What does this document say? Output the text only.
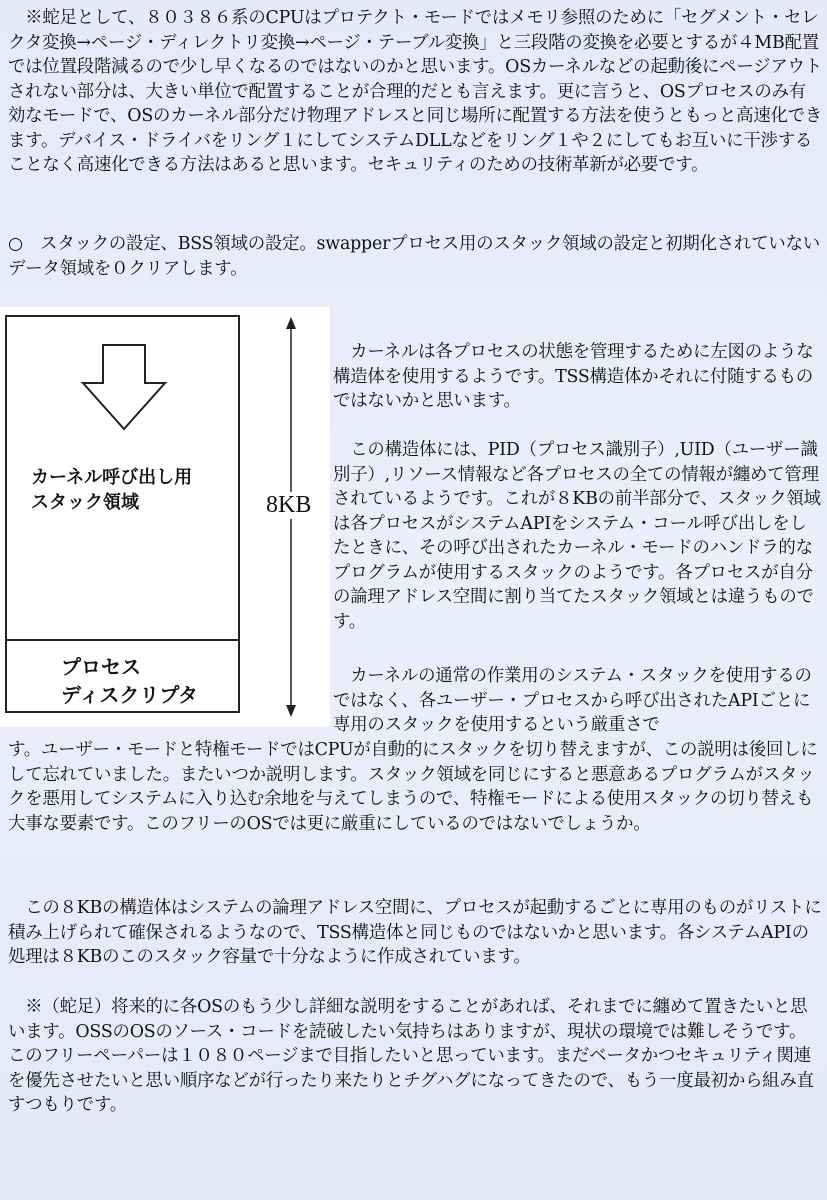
　※蛇足として、８０３８６系のCPUはプロテクト・モードではメモリ参照のために「セグメント・セレクタ変換→ページ・ディレクトリ変換→ページ・テーブル変換」と三段階の変換を必要とするが４MB配置では位置段階減るので少し早くなるのではないのかと思います。OSカーネルなどの起動後にページアウトされない部分は、大きい単位で配置することが合理的だとも言えます。更に言うと、OSプロセスのみ有効なモードで、OSのカーネル部分だけ物理アドレスと同じ場所に配置する方法を使うともっと高速化できます。デバイス・ドライバをリング１にしてシステムDLLなどをリング１や２にしてもお互いに干渉することなく高速化できる方法はあると思います。セキュリティのための技術革新が必要です。

○　スタックの設定、BSS領域の設定。swapperプロセス用のスタック領域の設定と初期化されていないデータ領域を０クリアします。

カーネル呼び出し用
スタック領域
プロセス
ディスクリプタ
8KB

　カーネルは各プロセスの状態を管理するために左図のような構造体を使用するようです。TSS構造体かそれに付随するものではないかと思います。

　この構造体には、PID（プロセス識別子）,UID（ユーザー識別子）,リソース情報など各プロセスの全ての情報が纏めて管理されているようです。これが８KBの前半部分で、スタック領域は各プロセスがシステムAPIをシステム・コール呼び出しをしたときに、その呼び出されたカーネル・モードのハンドラ的なプログラムが使用するスタックのようです。各プロセスが自分の論理アドレス空間に割り当てたスタック領域とは違うものです。

　カーネルの通常の作業用のシステム・スタックを使用するのではなく、各ユーザー・プロセスから呼び出されたAPIごとに専用のスタックを使用するという厳重さで

す。ユーザー・モードと特権モードではCPUが自動的にスタックを切り替えますが、この説明は後回しにして忘れていました。またいつか説明します。スタック領域を同じにすると悪意あるプログラムがスタックを悪用してシステムに入り込む余地を与えてしまうので、特権モードによる使用スタックの切り替えも大事な要素です。このフリーのOSでは更に厳重にしているのではないでしょうか。

　この８KBの構造体はシステムの論理アドレス空間に、プロセスが起動するごとに専用のものがリストに積み上げられて確保されるようなので、TSS構造体と同じものではないかと思います。各システムAPIの処理は８KBのこのスタック容量で十分なように作成されています。

　※（蛇足）将来的に各OSのもう少し詳細な説明をすることがあれば、それまでに纏めて置きたいと思います。OSSのOSのソース・コードを読破したい気持ちはありますが、現状の環境では難しそうです。このフリーペーパーは１０８０ページまで目指したいと思っています。まだベータかつセキュリティ関連を優先させたいと思い順序などが行ったり来たりとチグハグになってきたので、もう一度最初から組み直すつもりです。
